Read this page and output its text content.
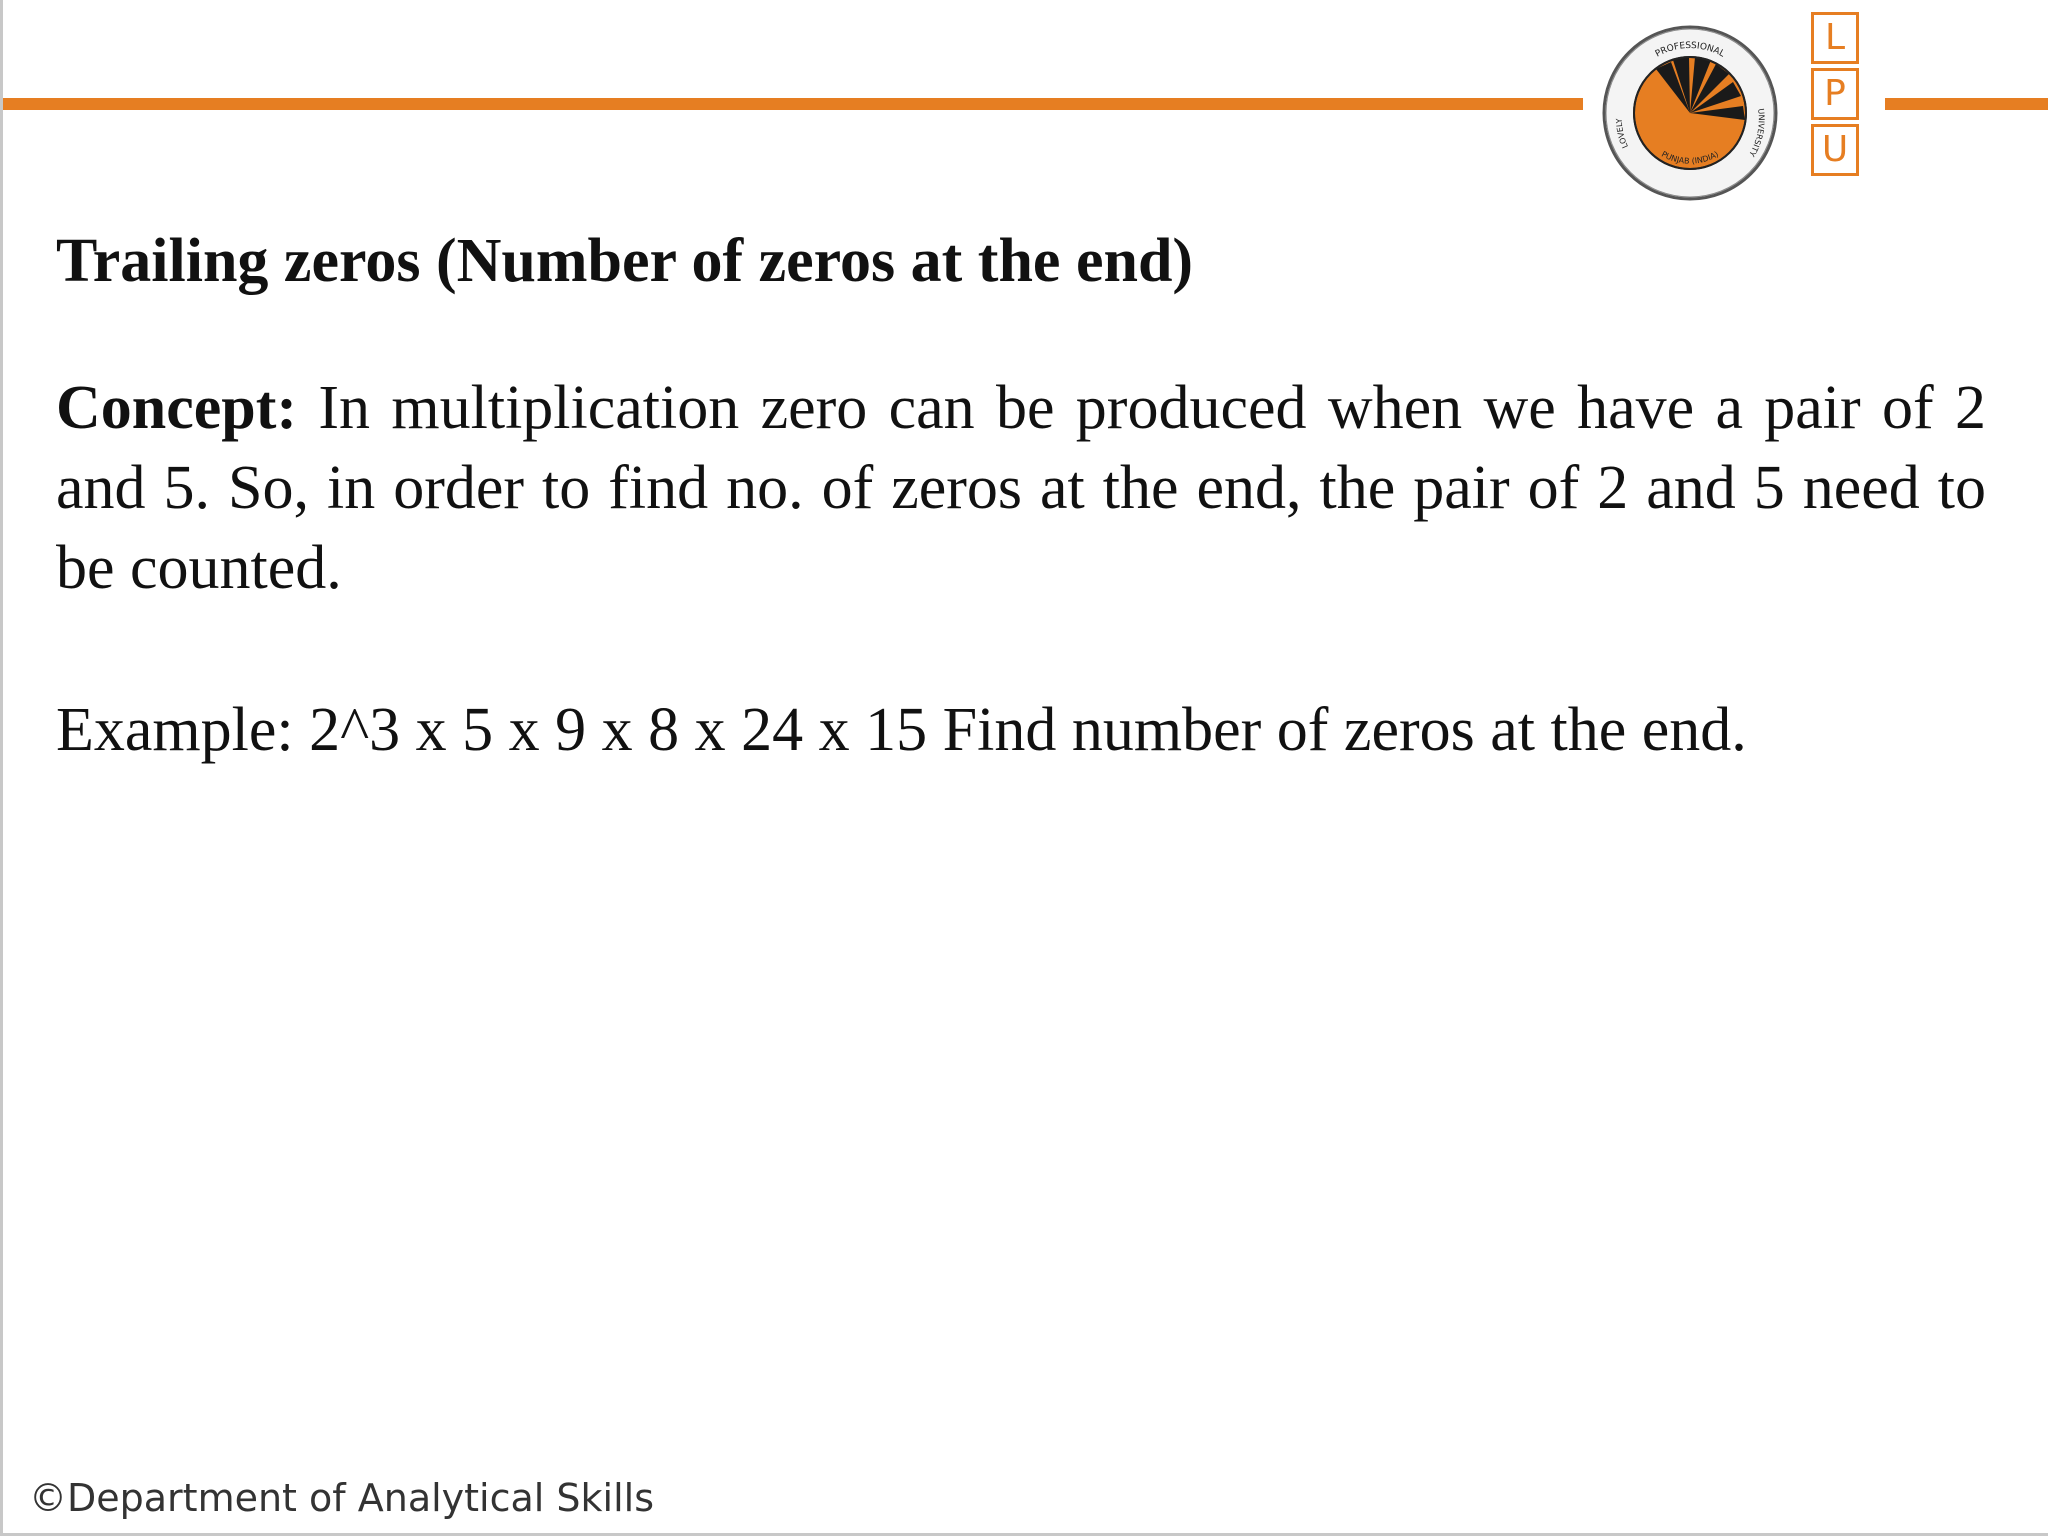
PROFESSIONAL
LOVELY
UNIVERSITY
PUNJAB (INDIA)
L
P
U
Trailing zeros (Number of zeros at the end)

Concept: In multiplication zero can be produced when we have a pair of 2 and 5. So, in order to find no. of zeros at the end, the pair of 2 and 5 need to be counted.

Example: 2^3 x 5 x 9 x 8 x 24 x 15 Find number of zeros at the end.

©Department of Analytical Skills
